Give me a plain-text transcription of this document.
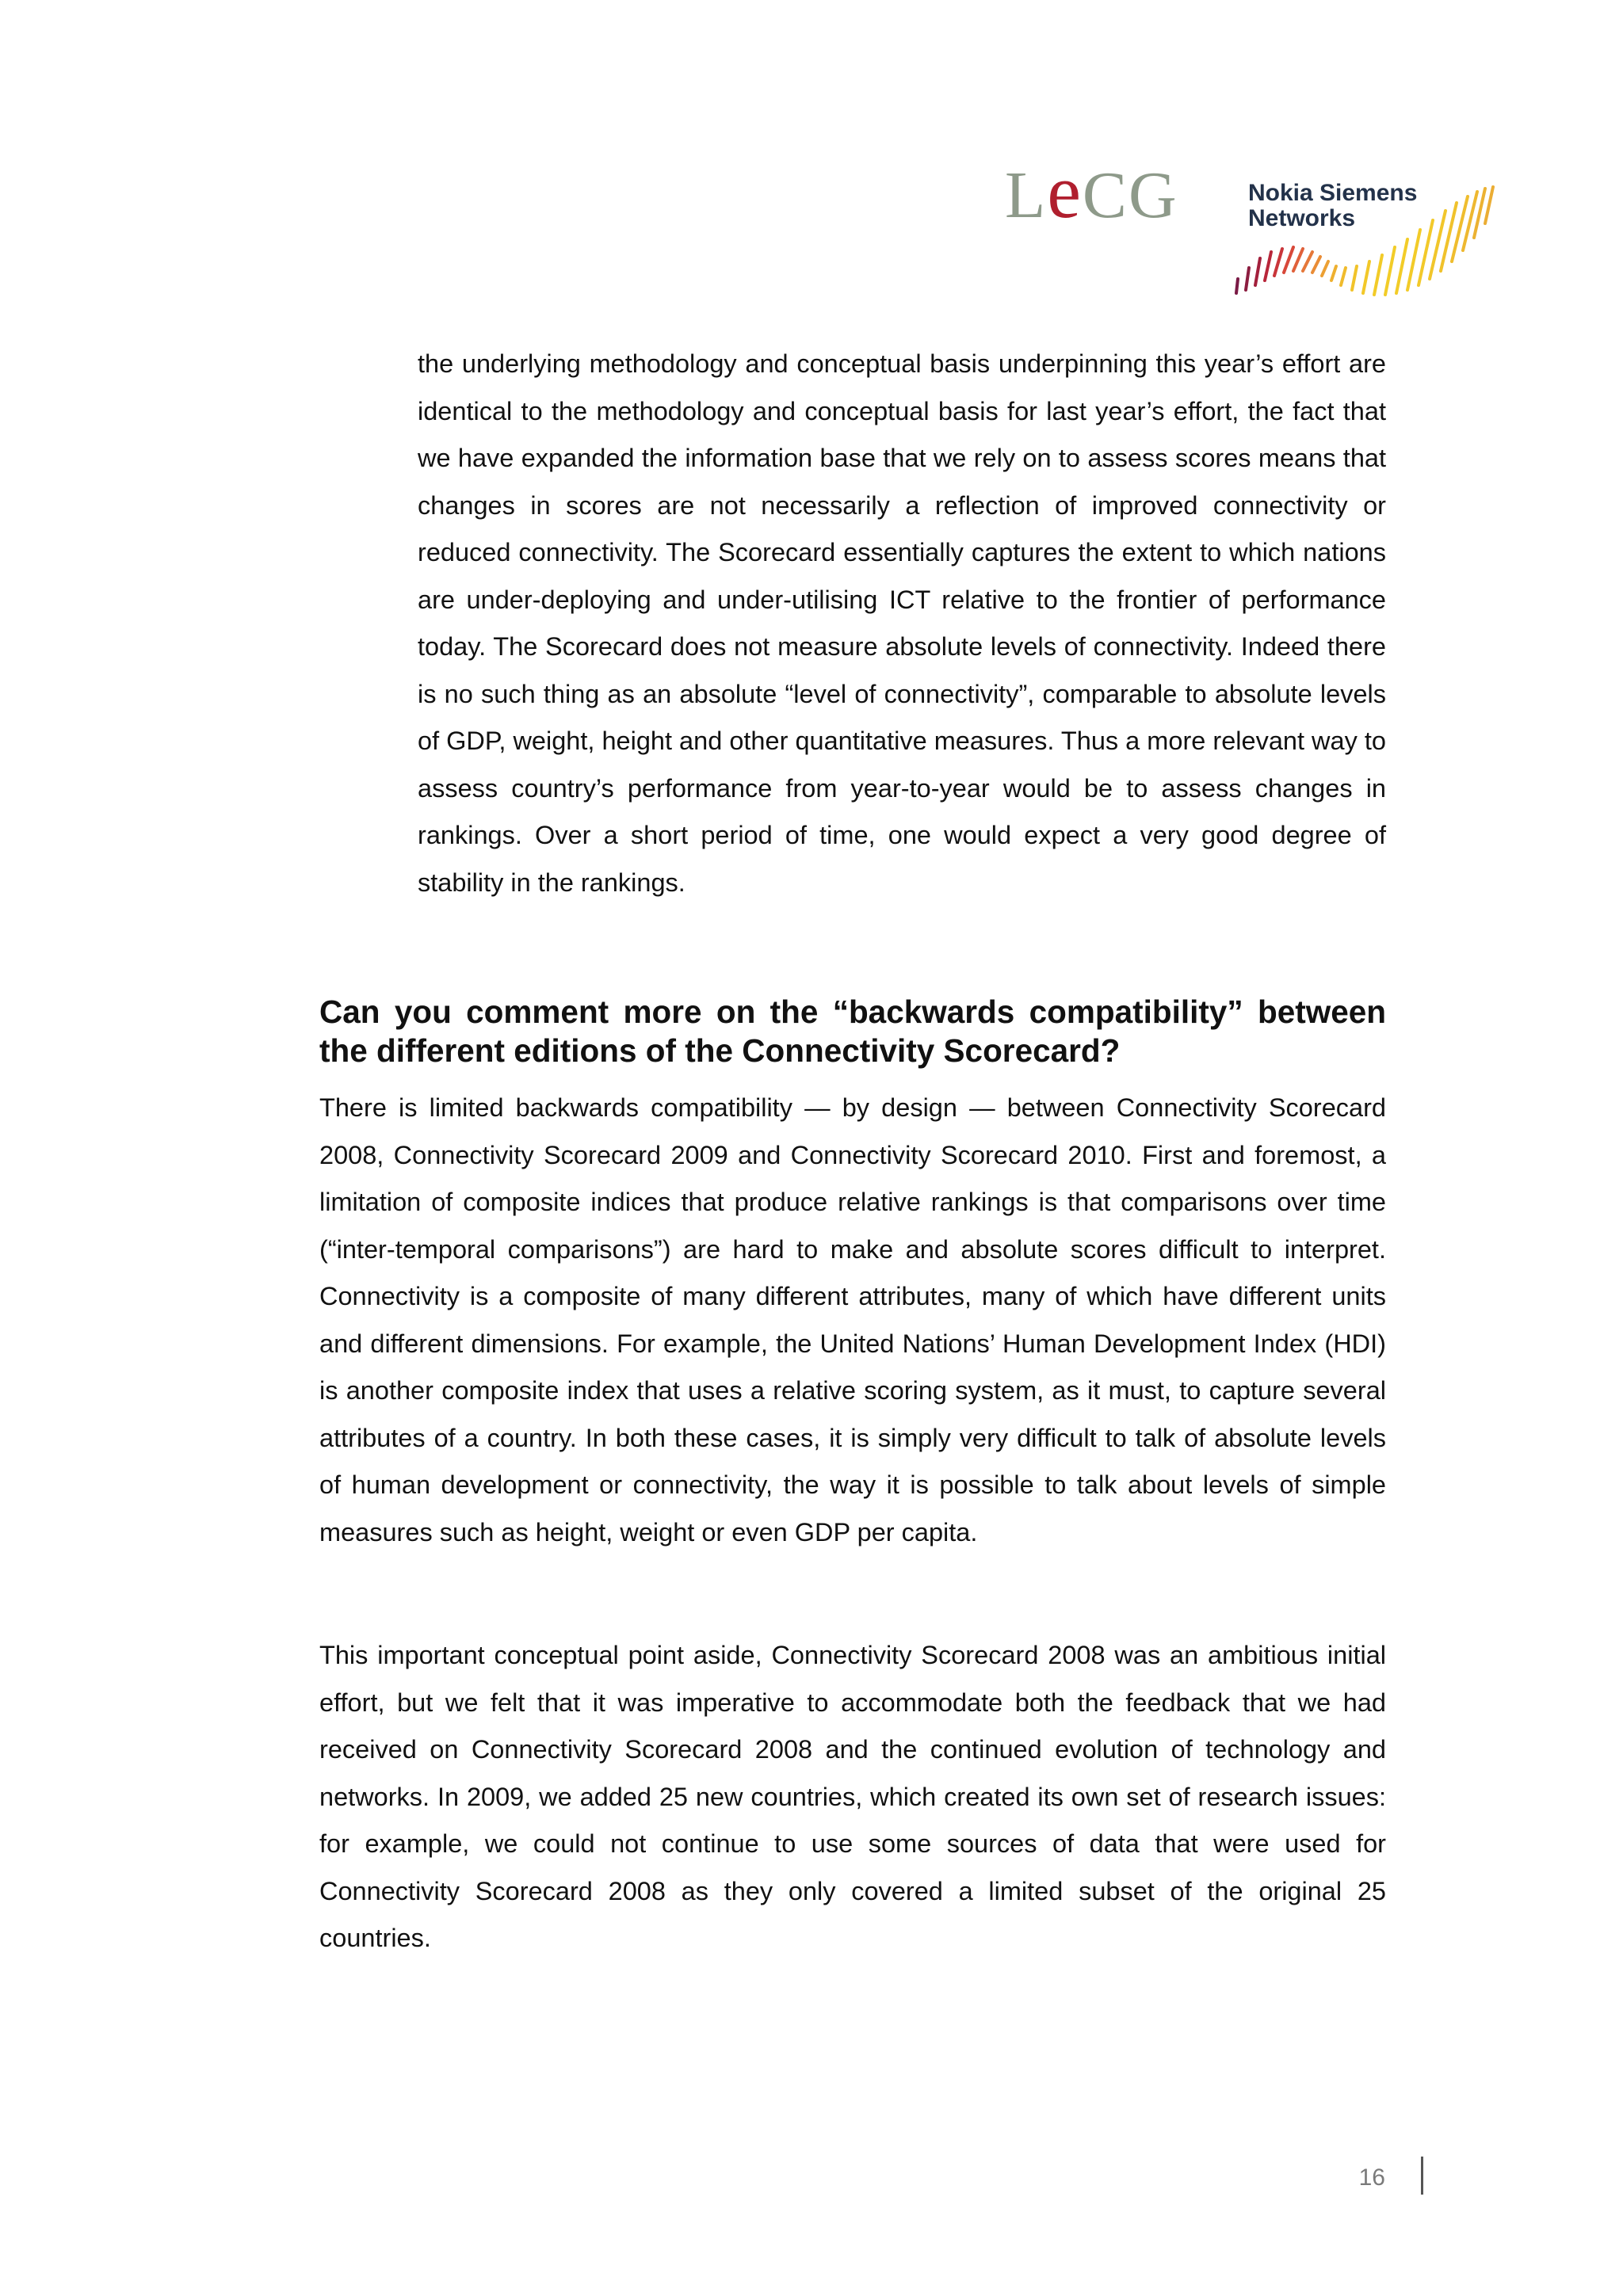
LeCG	Nokia Siemens
Networks

the underlying methodology and conceptual basis underpinning this year’s effort are identical to the methodology and conceptual basis for last year’s effort, the fact that we have expanded the information base that we rely on to assess scores means that changes in scores are not necessarily a reflection of improved connectivity or reduced connectivity. The Scorecard essentially captures the extent to which nations are under-deploying and under-utilising ICT relative to the frontier of performance today. The Scorecard does not measure absolute levels of connectivity. Indeed there is no such thing as an absolute “level of connectivity”, comparable to absolute levels of GDP, weight, height and other quantitative measures. Thus a more relevant way to assess country’s performance from year-to-year would be to assess changes in rankings. Over a short period of time, one would expect a very good degree of stability in the rankings.

Can you comment more on the “backwards compatibility” between the different editions of the Connectivity Scorecard?

There is limited backwards compatibility — by design — between Connectivity Scorecard 2008, Connectivity Scorecard 2009 and Connectivity Scorecard 2010. First and foremost, a limitation of composite indices that produce relative rankings is that comparisons over time (“inter-temporal comparisons”) are hard to make and absolute scores difficult to interpret. Connectivity is a composite of many different attributes, many of which have different units and different dimensions. For example, the United Nations’ Human Development Index (HDI) is another composite index that uses a relative scoring system, as it must, to capture several attributes of a country. In both these cases, it is simply very difficult to talk of absolute levels of human development or connectivity, the way it is possible to talk about levels of simple measures such as height, weight or even GDP per capita.

This important conceptual point aside, Connectivity Scorecard 2008 was an ambitious initial effort, but we felt that it was imperative to accommodate both the feedback that we had received on Connectivity Scorecard 2008 and the continued evolution of technology and networks. In 2009, we added 25 new countries, which created its own set of research issues: for example, we could not continue to use some sources of data that were used for Connectivity Scorecard 2008 as they only covered a limited subset of the original 25 countries.

16
